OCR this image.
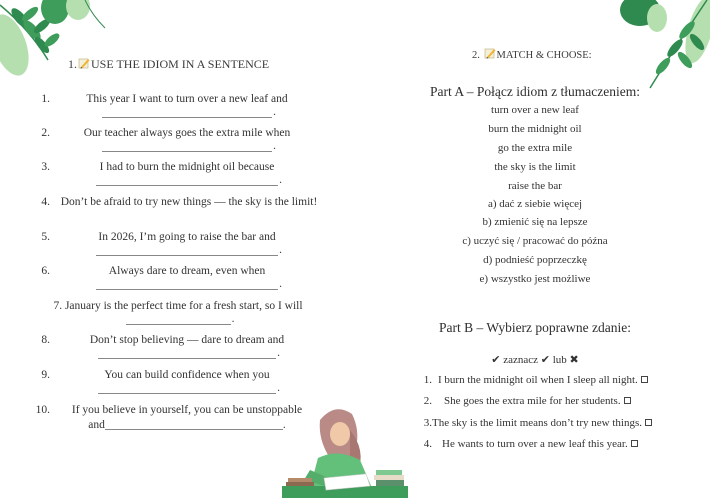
1. USE THE IDIOM IN A SENTENCE
1.	This year I want to turn over a new leaf and
.
2.	Our teacher always goes the extra mile when
.
3.	I had to burn the midnight oil because
.
4. Don’t be afraid to try new things — the sky is the limit!
5.	In 2026, I’m going to raise the bar and
.
6.	Always dare to dream, even when
.
7. January is the perfect time for a fresh start, so I will
.
8.	Don’t stop believing — dare to dream and
.
9.	You can build confidence when you
.
10.	If you believe in yourself, you can be unstoppable
and	.
2. MATCH & CHOOSE:
Part A – Połącz idiom z tłumaczeniem:
turn over a new leaf
burn the midnight oil
go the extra mile
the sky is the limit
raise the bar
a) dać z siebie więcej
b) zmienić się na lepsze
c) uczyć się / pracować do późna
d) podnieść poprzeczkę
e) wszystko jest możliwe
Part B – Wybierz poprawne zdanie:
✔ zaznacz ✔ lub ✖
1. I burn the midnight oil when I sleep all night.
2. She goes the extra mile for her students.
3. The sky is the limit means don’t try new things.
4. He wants to turn over a new leaf this year.
